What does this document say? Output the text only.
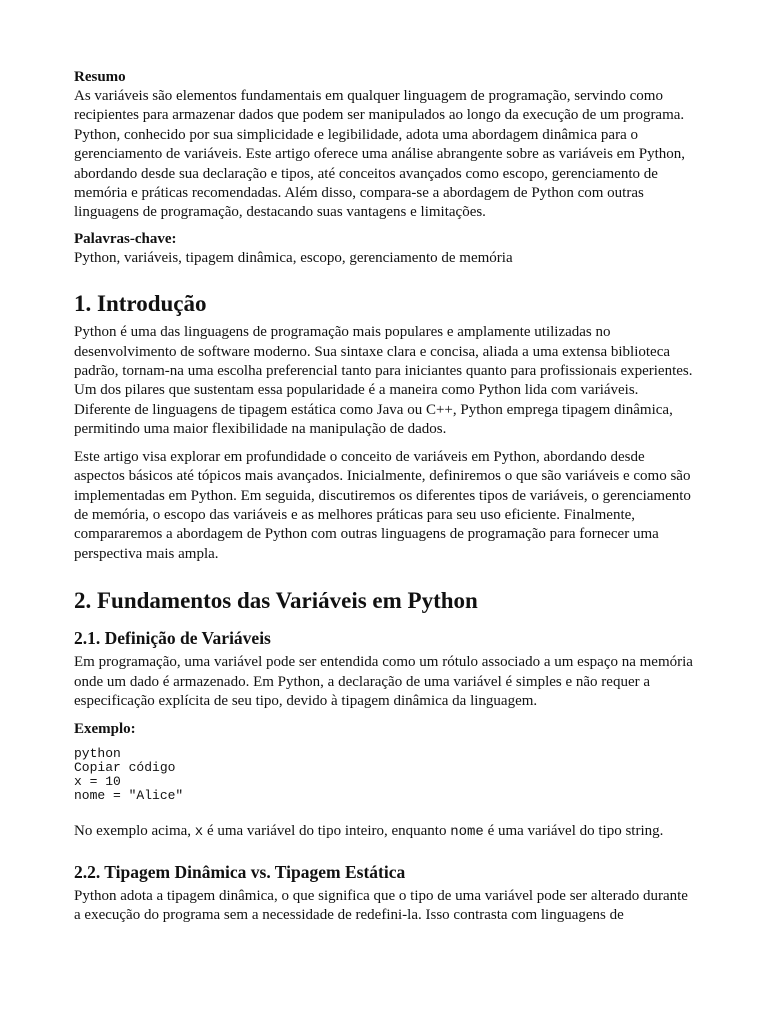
Resumo

As variáveis são elementos fundamentais em qualquer linguagem de programação, servindo como recipientes para armazenar dados que podem ser manipulados ao longo da execução de um programa. Python, conhecido por sua simplicidade e legibilidade, adota uma abordagem dinâmica para o gerenciamento de variáveis. Este artigo oferece uma análise abrangente sobre as variáveis em Python, abordando desde sua declaração e tipos, até conceitos avançados como escopo, gerenciamento de memória e práticas recomendadas. Além disso, compara-se a abordagem de Python com outras linguagens de programação, destacando suas vantagens e limitações.

Palavras-chave:

Python, variáveis, tipagem dinâmica, escopo, gerenciamento de memória

1. Introdução

Python é uma das linguagens de programação mais populares e amplamente utilizadas no desenvolvimento de software moderno. Sua sintaxe clara e concisa, aliada a uma extensa biblioteca padrão, tornam-na uma escolha preferencial tanto para iniciantes quanto para profissionais experientes. Um dos pilares que sustentam essa popularidade é a maneira como Python lida com variáveis. Diferente de linguagens de tipagem estática como Java ou C++, Python emprega tipagem dinâmica, permitindo uma maior flexibilidade na manipulação de dados.

Este artigo visa explorar em profundidade o conceito de variáveis em Python, abordando desde aspectos básicos até tópicos mais avançados. Inicialmente, definiremos o que são variáveis e como são implementadas em Python. Em seguida, discutiremos os diferentes tipos de variáveis, o gerenciamento de memória, o escopo das variáveis e as melhores práticas para seu uso eficiente. Finalmente, compararemos a abordagem de Python com outras linguagens de programação para fornecer uma perspectiva mais ampla.

2. Fundamentos das Variáveis em Python
2.1. Definição de Variáveis

Em programação, uma variável pode ser entendida como um rótulo associado a um espaço na memória onde um dado é armazenado. Em Python, a declaração de uma variável é simples e não requer a especificação explícita de seu tipo, devido à tipagem dinâmica da linguagem.

Exemplo:
python
Copiar código
x = 10
nome = "Alice"

No exemplo acima, x é uma variável do tipo inteiro, enquanto nome é uma variável do tipo string.

2.2. Tipagem Dinâmica vs. Tipagem Estática

Python adota a tipagem dinâmica, o que significa que o tipo de uma variável pode ser alterado durante a execução do programa sem a necessidade de redefini-la. Isso contrasta com linguagens de
